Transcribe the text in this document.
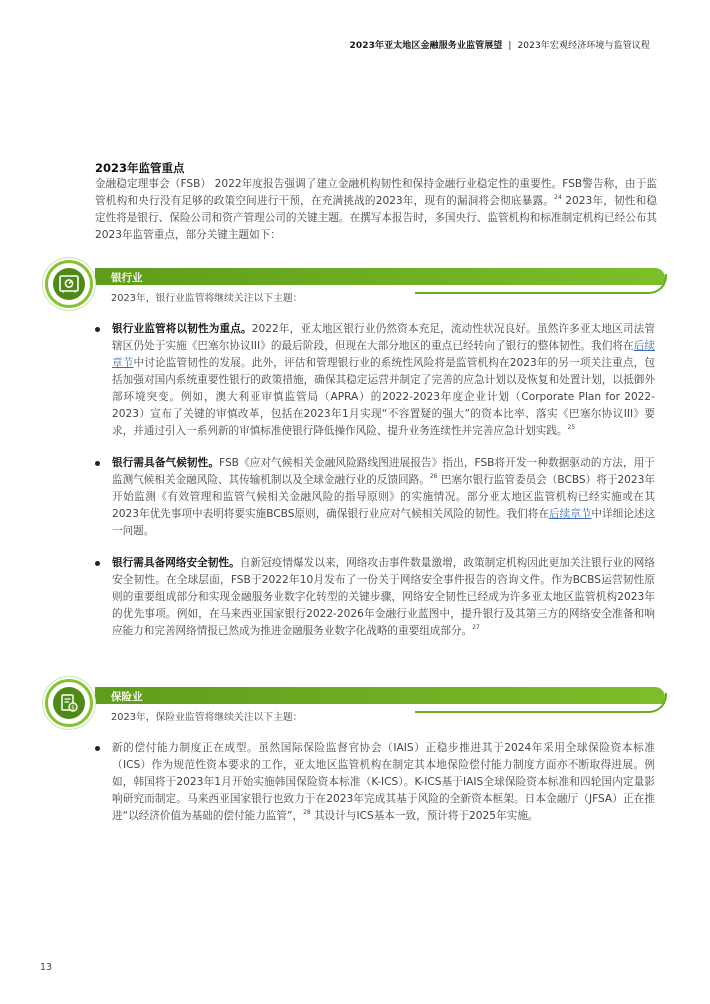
2023年亚太地区金融服务业监管展望 | 2023年宏观经济环境与监管议程
2023年监管重点
金融稳定理事会（FSB） 2022年度报告强调了建立金融机构韧性和保持金融行业稳定性的重要性。FSB警告称，由于监管机构和央行没有足够的政策空间进行干预，在充满挑战的2023年，现有的漏洞将会彻底暴露。$^{24}$ 2023年，韧性和稳定性将是银行、保险公司和资产管理公司的关键主题。在撰写本报告时，多国央行、监管机构和标准制定机构已经公布其2023年监管重点，部分关键主题如下：
银行业
2023年，银行业监管将继续关注以下主题：
银行业监管将以韧性为重点。2022年，亚太地区银行业仍然资本充足，流动性状况良好。虽然许多亚太地区司法管辖区仍处于实施《巴塞尔协议III》的最后阶段，但现在大部分地区的重点已经转向了银行的整体韧性。我们将在后续章节中讨论监管韧性的发展。此外，评估和管理银行业的系统性风险将是监管机构在2023年的另一项关注重点，包括加强对国内系统重要性银行的政策措施，确保其稳定运营并制定了完善的应急计划以及恢复和处置计划，以抵御外部环境突变。例如，澳大利亚审慎监管局（APRA）的2022-2023年度企业计划（Corporate Plan for 2022-2023）宣布了关键的审慎改革，包括在2023年1月实现“不容置疑的强大”的资本比率、落实《巴塞尔协议III》要求，并通过引入一系列新的审慎标准使银行降低操作风险、提升业务连续性并完善应急计划实践。$^{25}$
银行需具备气候韧性。FSB《应对气候相关金融风险路线图进展报告》指出，FSB将开发一种数据驱动的方法，用于监测气候相关金融风险、其传输机制以及全球金融行业的反馈回路。$^{26}$ 巴塞尔银行监管委员会（BCBS）将于2023年开始监测《有效管理和监管气候相关金融风险的指导原则》的实施情况。部分亚太地区监管机构已经实施或在其2023年优先事项中表明将要实施BCBS原则，确保银行业应对气候相关风险的韧性。我们将在后续章节中详细论述这一问题。
银行需具备网络安全韧性。自新冠疫情爆发以来，网络攻击事件数量激增，政策制定机构因此更加关注银行业的网络安全韧性。在全球层面，FSB于2022年10月发布了一份关于网络安全事件报告的咨询文件。作为BCBS运营韧性原则的重要组成部分和实现金融服务业数字化转型的关键步骤，网络安全韧性已经成为许多亚太地区监管机构2023年的优先事项。例如，在马来西亚国家银行2022-2026年金融行业蓝图中，提升银行及其第三方的网络安全准备和响应能力和完善网络情报已然成为推进金融服务业数字化战略的重要组成部分。$^{27}$
$
保险业
2023年，保险业监管将继续关注以下主题：
新的偿付能力制度正在成型。虽然国际保险监督官协会（IAIS）正稳步推进其于2024年采用全球保险资本标准（ICS）作为规范性资本要求的工作，亚太地区监管机构在制定其本地保险偿付能力制度方面亦不断取得进展。例如，韩国将于2023年1月开始实施韩国保险资本标准（K-ICS）。K-ICS基于IAIS全球保险资本标准和四轮国内定量影响研究而制定。马来西亚国家银行也致力于在2023年完成其基于风险的全新资本框架。日本金融厅（JFSA）正在推进“以经济价值为基础的偿付能力监管”，$^{28}$ 其设计与ICS基本一致，预计将于2025年实施。
13
